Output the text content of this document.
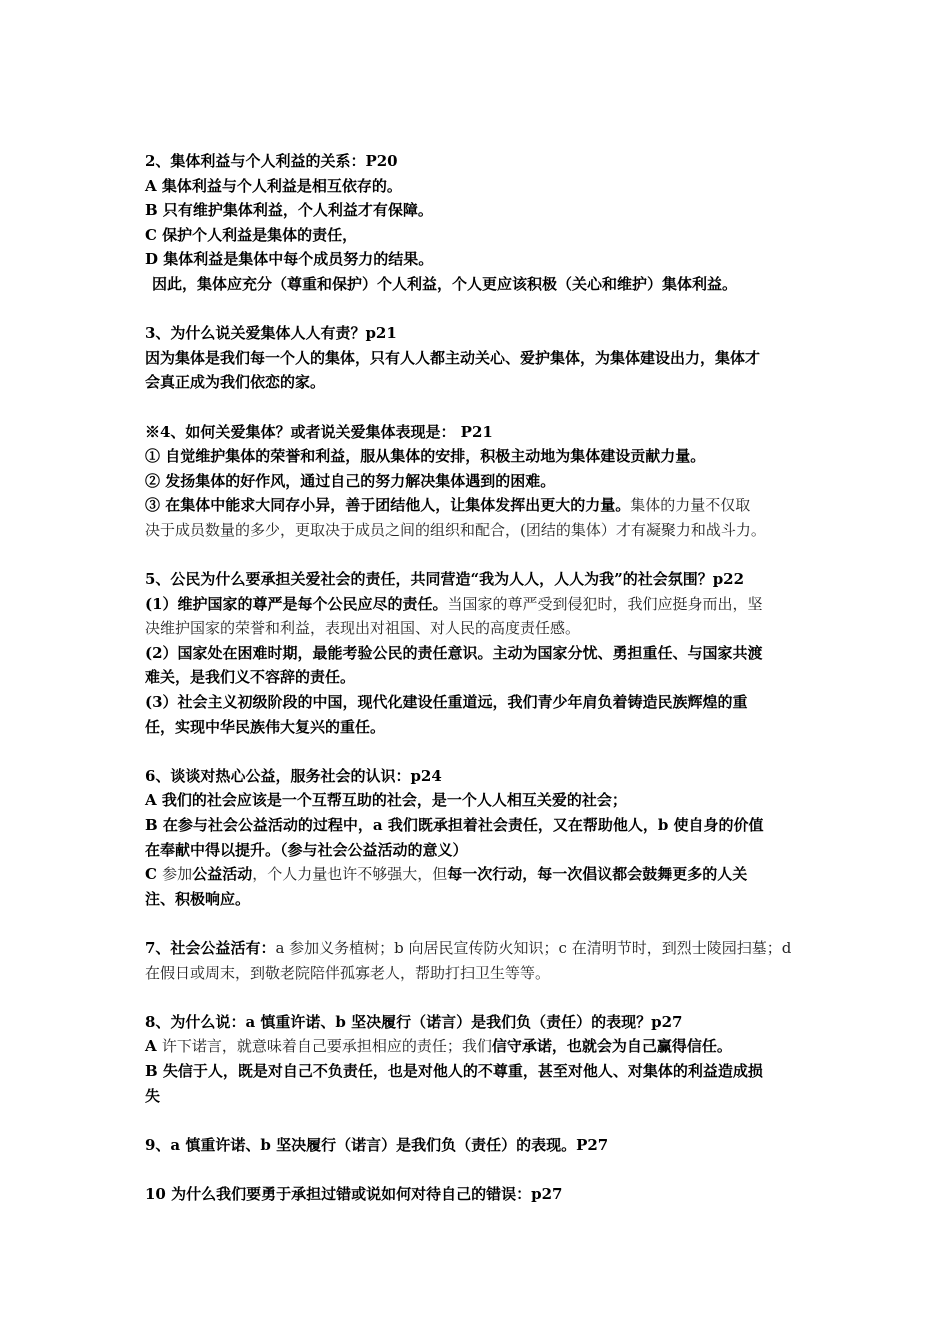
2、集体利益与个人利益的关系：P20
A 集体利益与个人利益是相互依存的。
B 只有维护集体利益，个人利益才有保障。
C 保护个人利益是集体的责任，
D 集体利益是集体中每个成员努力的结果。
因此，集体应充分（尊重和保护）个人利益，个人更应该积极（关心和维护）集体利益。
3、为什么说关爱集体人人有责？p21
因为集体是我们每一个人的集体，只有人人都主动关心、爱护集体，为集体建设出力，集体才
会真正成为我们依恋的家。
※4、如何关爱集体？或者说关爱集体表现是： P21
① 自觉维护集体的荣誉和利益，服从集体的安排，积极主动地为集体建设贡献力量。
② 发扬集体的好作风，通过自己的努力解决集体遇到的困难。
③ 在集体中能求大同存小异，善于团结他人，让集体发挥出更大的力量。集体的力量不仅取
决于成员数量的多少，更取决于成员之间的组织和配合，(团结的集体）才有凝聚力和战斗力。
5、公民为什么要承担关爱社会的责任，共同营造“我为人人，人人为我”的社会氛围？p22
(1）维护国家的尊严是每个公民应尽的责任。当国家的尊严受到侵犯时，我们应挺身而出，坚
决维护国家的荣誉和利益，表现出对祖国、对人民的高度责任感。
(2）国家处在困难时期，最能考验公民的责任意识。主动为国家分忧、勇担重任、与国家共渡
难关，是我们义不容辞的责任。
(3）社会主义初级阶段的中国，现代化建设任重道远，我们青少年肩负着铸造民族辉煌的重
任，实现中华民族伟大复兴的重任。
6、谈谈对热心公益，服务社会的认识：p24
A 我们的社会应该是一个互帮互助的社会，是一个人人相互关爱的社会；
B 在参与社会公益活动的过程中，a 我们既承担着社会责任，又在帮助他人，b 使自身的价值
在奉献中得以提升。（参与社会公益活动的意义）
C 参加公益活动，个人力量也许不够强大，但每一次行动，每一次倡议都会鼓舞更多的人关
注、积极响应。
7、社会公益活有：a 参加义务植树；b 向居民宣传防火知识；c 在清明节时，到烈士陵园扫墓；d
在假日或周末，到敬老院陪伴孤寡老人，帮助打扫卫生等等。
8、为什么说：a 慎重许诺、b 坚决履行（诺言）是我们负（责任）的表现？p27
A 许下诺言，就意味着自己要承担相应的责任；我们信守承诺，也就会为自己赢得信任。
B 失信于人，既是对自己不负责任，也是对他人的不尊重，甚至对他人、对集体的利益造成损
失
9、a 慎重许诺、b 坚决履行（诺言）是我们负（责任）的表现。P27
10 为什么我们要勇于承担过错或说如何对待自己的错误：p27
